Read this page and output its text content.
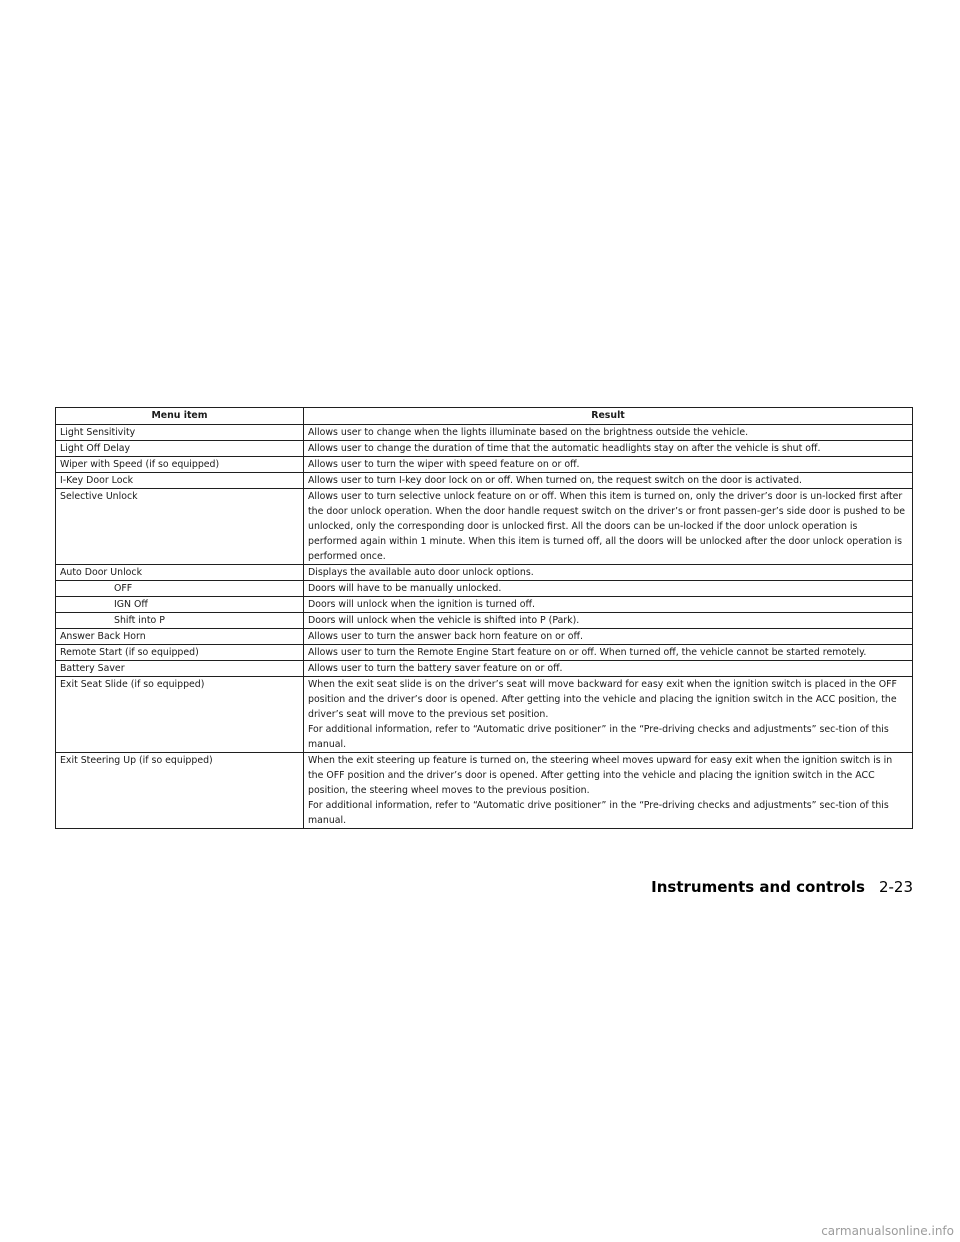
Menu item	Result
Light Sensitivity	Allows user to change when the lights illuminate based on the brightness outside the vehicle.
Light Off Delay	Allows user to change the duration of time that the automatic headlights stay on after the vehicle is shut off.
Wiper with Speed (if so equipped)	Allows user to turn the wiper with speed feature on or off.
I-Key Door Lock	Allows user to turn I-key door lock on or off. When turned on, the request switch on the door is activated.
Selective Unlock	Allows user to turn selective unlock feature on or off. When this item is turned on, only the driver’s door is un-locked first after the door unlock operation. When the door handle request switch on the driver’s or front passen-ger’s side door is pushed to be unlocked, only the corresponding door is unlocked first. All the doors can be un-locked if the door unlock operation is performed again within 1 minute. When this item is turned off, all the doors will be unlocked after the door unlock operation is performed once.
Auto Door Unlock	Displays the available auto door unlock options.
OFF	Doors will have to be manually unlocked.
IGN Off	Doors will unlock when the ignition is turned off.
Shift into P	Doors will unlock when the vehicle is shifted into P (Park).
Answer Back Horn	Allows user to turn the answer back horn feature on or off.
Remote Start (if so equipped)	Allows user to turn the Remote Engine Start feature on or off. When turned off, the vehicle cannot be started remotely.
Battery Saver	Allows user to turn the battery saver feature on or off.
Exit Seat Slide (if so equipped)	When the exit seat slide is on the driver’s seat will move backward for easy exit when the ignition switch is placed in the OFF position and the driver’s door is opened. After getting into the vehicle and placing the ignition switch in the ACC position, the driver’s seat will move to the previous set position.
For additional information, refer to “Automatic drive positioner” in the “Pre-driving checks and adjustments” sec-tion of this manual.

Exit Steering Up (if so equipped)	When the exit steering up feature is turned on, the steering wheel moves upward for easy exit when the ignition switch is in the OFF position and the driver’s door is opened. After getting into the vehicle and placing the ignition switch in the ACC position, the steering wheel moves to the previous position.
For additional information, refer to “Automatic drive positioner” in the “Pre-driving checks and adjustments” sec-tion of this manual.
Instruments and controls 2-23
carmanualsonline.info
